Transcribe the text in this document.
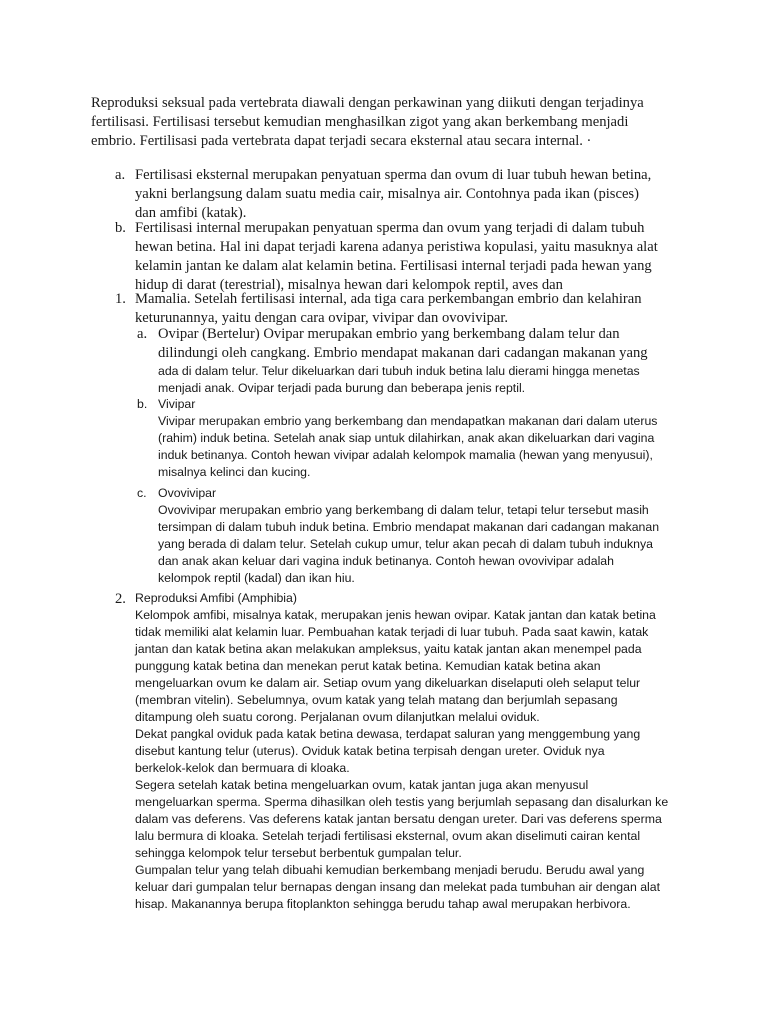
Reproduksi seksual pada vertebrata diawali dengan perkawinan yang diikuti dengan terjadinya

fertilisasi. Fertilisasi tersebut kemudian menghasilkan zigot yang akan berkembang menjadi

embrio. Fertilisasi pada vertebrata dapat terjadi secara eksternal atau secara internal. ·

a. Fertilisasi eksternal merupakan penyatuan sperma dan ovum di luar tubuh hewan betina,

yakni berlangsung dalam suatu media cair, misalnya air. Contohnya pada ikan (pisces)

dan amfibi (katak).

b. Fertilisasi internal merupakan penyatuan sperma dan ovum yang terjadi di dalam tubuh

hewan betina. Hal ini dapat terjadi karena adanya peristiwa kopulasi, yaitu masuknya alat

kelamin jantan ke dalam alat kelamin betina. Fertilisasi internal terjadi pada hewan yang

hidup di darat (terestrial), misalnya hewan dari kelompok reptil, aves dan

1. Mamalia. Setelah fertilisasi internal, ada tiga cara perkembangan embrio dan kelahiran

keturunannya, yaitu dengan cara ovipar, vivipar dan ovovivipar.

a. Ovipar (Bertelur) Ovipar merupakan embrio yang berkembang dalam telur dan

dilindungi oleh cangkang. Embrio mendapat makanan dari cadangan makanan yang

ada di dalam telur. Telur dikeluarkan dari tubuh induk betina lalu dierami hingga menetas

menjadi anak. Ovipar terjadi pada burung dan beberapa jenis reptil.

b. Vivipar

Vivipar merupakan embrio yang berkembang dan mendapatkan makanan dari dalam uterus

(rahim) induk betina. Setelah anak siap untuk dilahirkan, anak akan dikeluarkan dari vagina

induk betinanya. Contoh hewan vivipar adalah kelompok mamalia (hewan yang menyusui),

misalnya kelinci dan kucing.

c. Ovovivipar

Ovovivipar merupakan embrio yang berkembang di dalam telur, tetapi telur tersebut masih

tersimpan di dalam tubuh induk betina. Embrio mendapat makanan dari cadangan makanan

yang berada di dalam telur. Setelah cukup umur, telur akan pecah di dalam tubuh induknya

dan anak akan keluar dari vagina induk betinanya. Contoh hewan ovovivipar adalah

kelompok reptil (kadal) dan ikan hiu.

2. Reproduksi Amfibi (Amphibia)

Kelompok amfibi, misalnya katak, merupakan jenis hewan ovipar. Katak jantan dan katak betina

tidak memiliki alat kelamin luar. Pembuahan katak terjadi di luar tubuh. Pada saat kawin, katak

jantan dan katak betina akan melakukan ampleksus, yaitu katak jantan akan menempel pada

punggung katak betina dan menekan perut katak betina. Kemudian katak betina akan

mengeluarkan ovum ke dalam air. Setiap ovum yang dikeluarkan diselaputi oleh selaput telur

(membran vitelin). Sebelumnya, ovum katak yang telah matang dan berjumlah sepasang

ditampung oleh suatu corong. Perjalanan ovum dilanjutkan melalui oviduk.

Dekat pangkal oviduk pada katak betina dewasa, terdapat saluran yang menggembung yang

disebut kantung telur (uterus). Oviduk katak betina terpisah dengan ureter. Oviduk nya

berkelok-kelok dan bermuara di kloaka.

Segera setelah katak betina mengeluarkan ovum, katak jantan juga akan menyusul

mengeluarkan sperma. Sperma dihasilkan oleh testis yang berjumlah sepasang dan disalurkan ke

dalam vas deferens. Vas deferens katak jantan bersatu dengan ureter. Dari vas deferens sperma

lalu bermura di kloaka. Setelah terjadi fertilisasi eksternal, ovum akan diselimuti cairan kental

sehingga kelompok telur tersebut berbentuk gumpalan telur.

Gumpalan telur yang telah dibuahi kemudian berkembang menjadi berudu. Berudu awal yang

keluar dari gumpalan telur bernapas dengan insang dan melekat pada tumbuhan air dengan alat

hisap. Makanannya berupa fitoplankton sehingga berudu tahap awal merupakan herbivora.
